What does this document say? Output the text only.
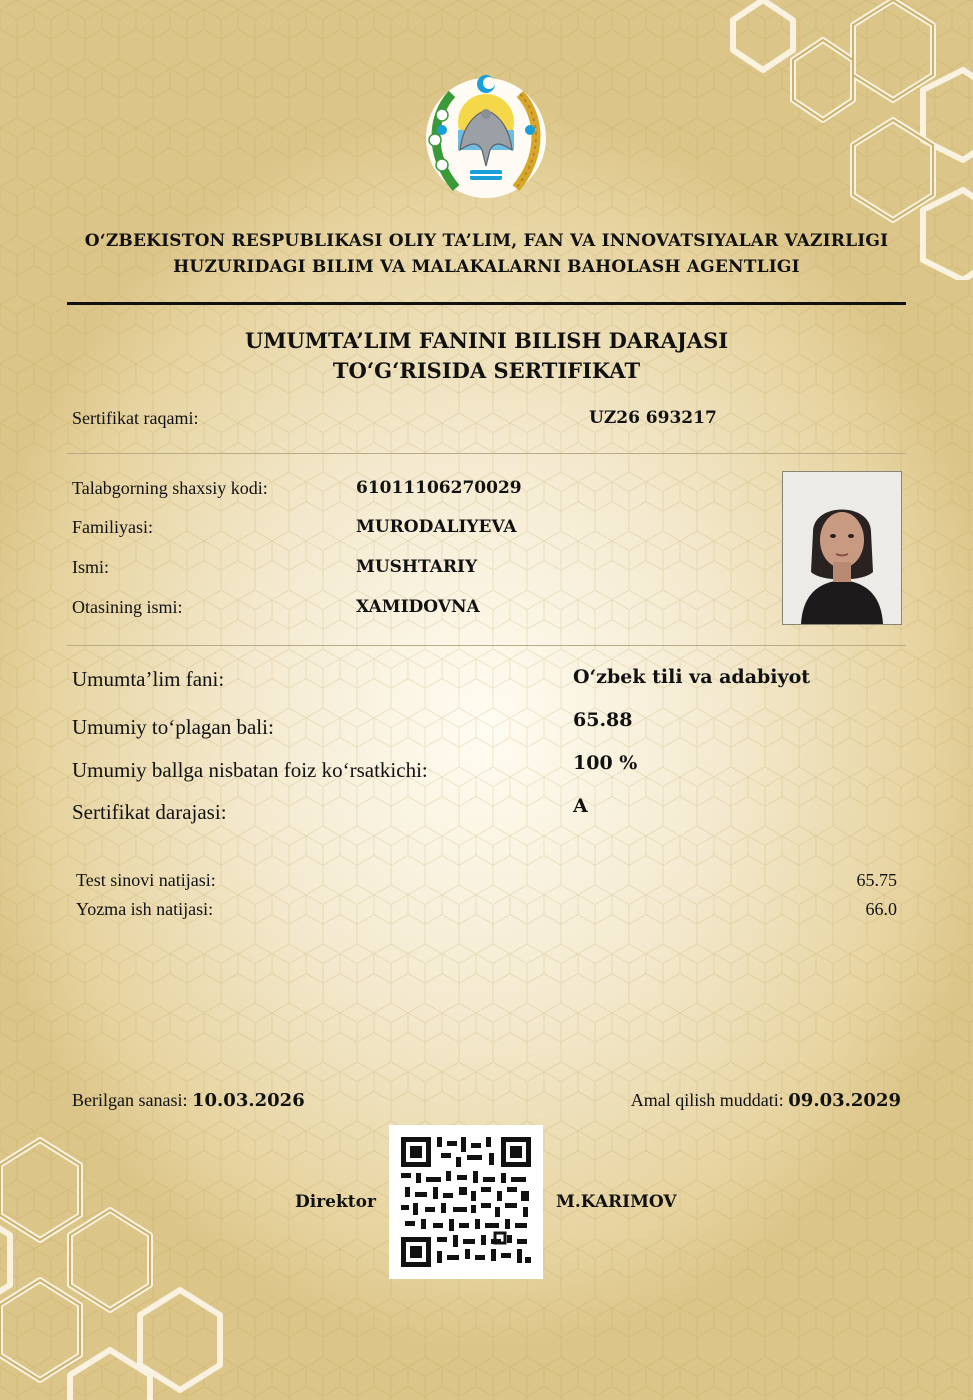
O‘ZBEKISTON RESPUBLIKASI OLIY TA’LIM, FAN VA INNOVATSIYALAR VAZIRLIGI
HUZURIDAGI BILIM VA MALAKALARNI BAHOLASH AGENTLIGI
UMUMTA’LIM FANINI BILISH DARAJASI
TO‘G‘RISIDA SERTIFIKAT
Sertifikat raqami:	UZ26 693217
Talabgorning shaxsiy kodi:	61011106270029
Familiyasi:	MURODALIYEVA
Ismi:	MUSHTARIY
Otasining ismi:	XAMIDOVNA
Umumta’lim fani:	O‘zbek tili va adabiyot
Umumiy to‘plagan bali:	65.88
Umumiy ballga nisbatan foiz ko‘rsatkichi:	100 %
Sertifikat darajasi:	A
Test sinovi natijasi:	65.75
Yozma ish natijasi:	66.0
Berilgan sanasi: 10.03.2026	Amal qilish muddati: 09.03.2029
Direktor	M.KARIMOV
